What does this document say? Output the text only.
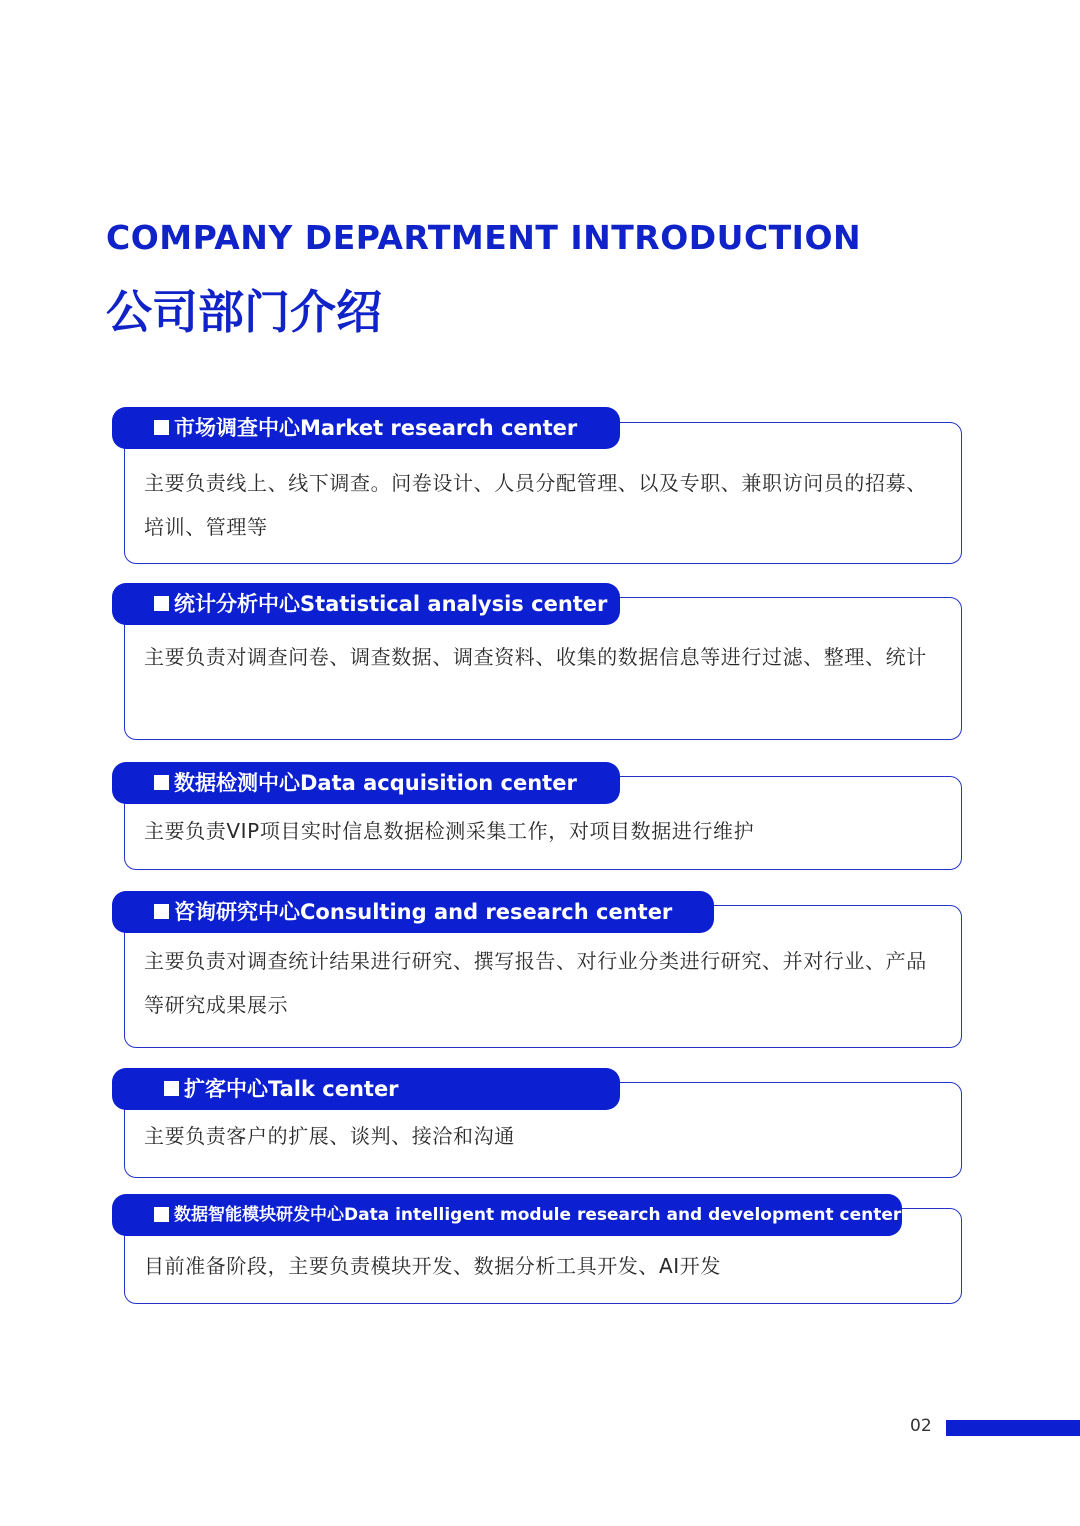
COMPANY DEPARTMENT INTRODUCTION
公司部门介绍
市场调查中心Market research center
主要负责线上、线下调查。问卷设计、人员分配管理、以及专职、兼职访问员的招募、培训、管理等
统计分析中心Statistical analysis center
主要负责对调查问卷、调查数据、调查资料、收集的数据信息等进行过滤、整理、统计
数据检测中心Data acquisition center
主要负责VIP项目实时信息数据检测采集工作，对项目数据进行维护
咨询研究中心Consulting and research center
主要负责对调查统计结果进行研究、撰写报告、对行业分类进行研究、并对行业、产品等研究成果展示
扩客中心Talk center
主要负责客户的扩展、谈判、接洽和沟通
数据智能模块研发中心Data intelligent module research and development center
目前准备阶段，主要负责模块开发、数据分析工具开发、AI开发
02
